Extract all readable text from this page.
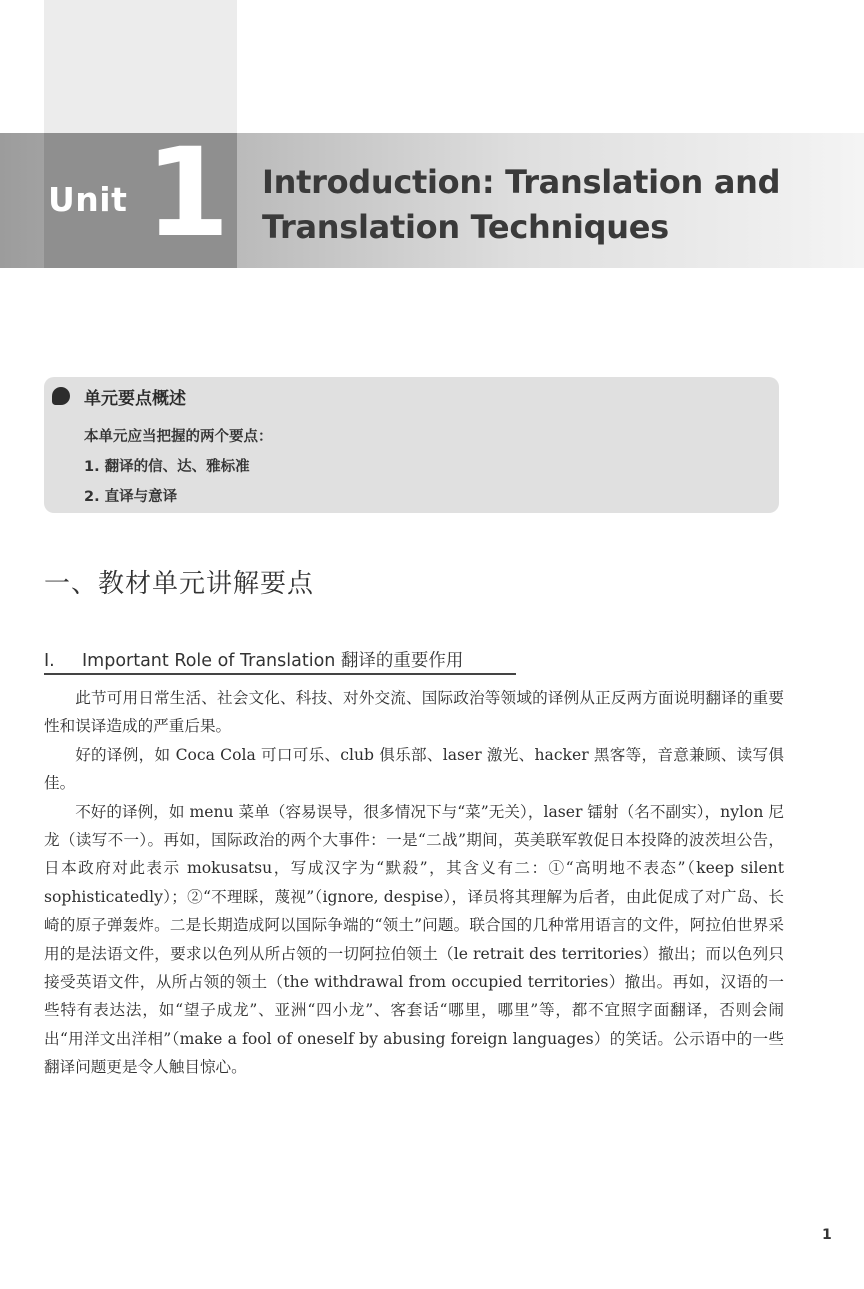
Unit 1 Introduction: Translation and
Translation Techniques
单元要点概述
本单元应当把握的两个要点：
1. 翻译的信、达、雅标准
2. 直译与意译
一、教材单元讲解要点
I. Important Role of Translation 翻译的重要作用

此节可用日常生活、社会文化、科技、对外交流、国际政治等领域的译例从正反两方面说明翻译的重要性和误译造成的严重后果。

好的译例，如 Coca Cola 可口可乐、club 俱乐部、laser 激光、hacker 黑客等，音意兼顾、读写俱佳。

不好的译例，如 menu 菜单（容易误导，很多情况下与“菜”无关），laser 镭射（名不副实），nylon 尼龙（读写不一）。再如，国际政治的两个大事件：一是“二战”期间，英美联军敦促日本投降的波茨坦公告，日本政府对此表示 mokusatsu，写成汉字为“默殺”，其含义有二：①“高明地不表态”（keep silent sophisticatedly）；②“不理睬，蔑视”（ignore, despise），译员将其理解为后者，由此促成了对广岛、长崎的原子弹轰炸。二是长期造成阿以国际争端的“领土”问题。联合国的几种常用语言的文件，阿拉伯世界采用的是法语文件，要求以色列从所占领的一切阿拉伯领土（le retrait des territories）撤出；而以色列只接受英语文件，从所占领的领土（the withdrawal from occupied territories）撤出。再如，汉语的一些特有表达法，如“望子成龙”、亚洲“四小龙”、客套话“哪里，哪里”等，都不宜照字面翻译，否则会闹出“用洋文出洋相”（make a fool of oneself by abusing foreign languages）的笑话。公示语中的一些翻译问题更是令人触目惊心。

1
